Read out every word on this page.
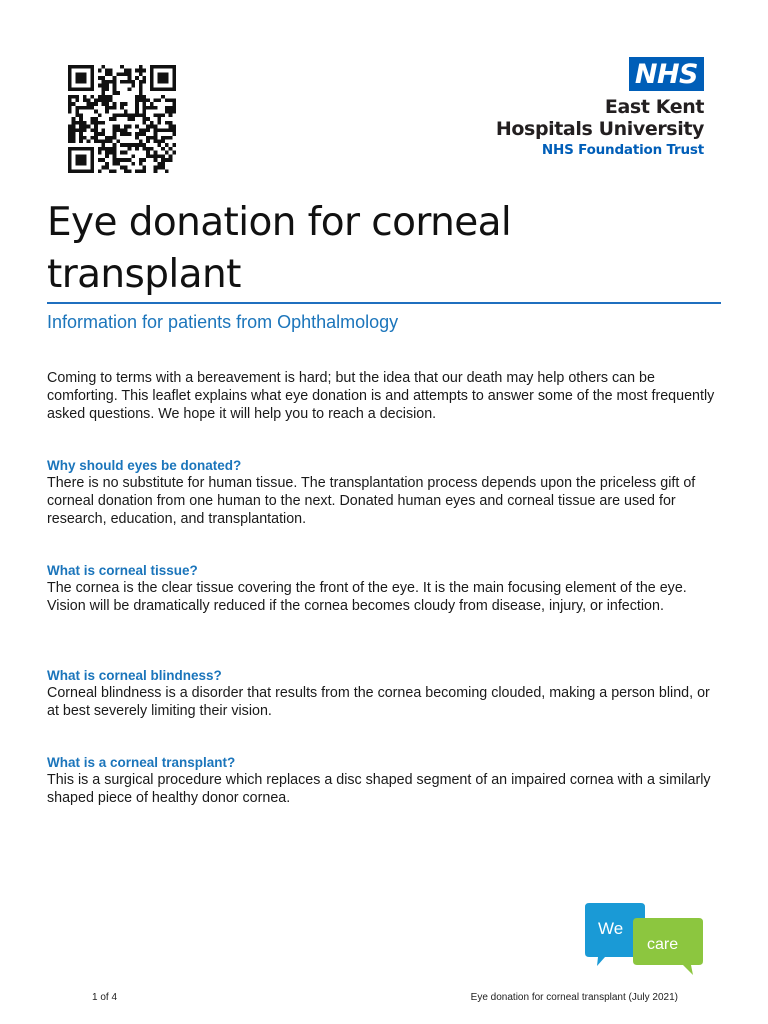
NHS
East Kent
Hospitals University
NHS Foundation Trust
Eye donation for corneal transplant
Information for patients from Ophthalmology

Coming to terms with a bereavement is hard; but the idea that our death may help others can be comforting. This leaflet explains what eye donation is and attempts to answer some of the most frequently asked questions. We hope it will help you to reach a decision.

Why should eyes be donated?

There is no substitute for human tissue. The transplantation process depends upon the priceless gift of corneal donation from one human to the next. Donated human eyes and corneal tissue are used for research, education, and transplantation.

What is corneal tissue?

The cornea is the clear tissue covering the front of the eye. It is the main focusing element of the eye. Vision will be dramatically reduced if the cornea becomes cloudy from disease, injury, or infection.

What is corneal blindness?

Corneal blindness is a disorder that results from the cornea becoming clouded, making a person blind, or at best severely limiting their vision.

What is a corneal transplant?

This is a surgical procedure which replaces a disc shaped segment of an impaired cornea with a similarly shaped piece of healthy donor cornea.

We
care
1 of 4	Eye donation for corneal transplant (July 2021)
